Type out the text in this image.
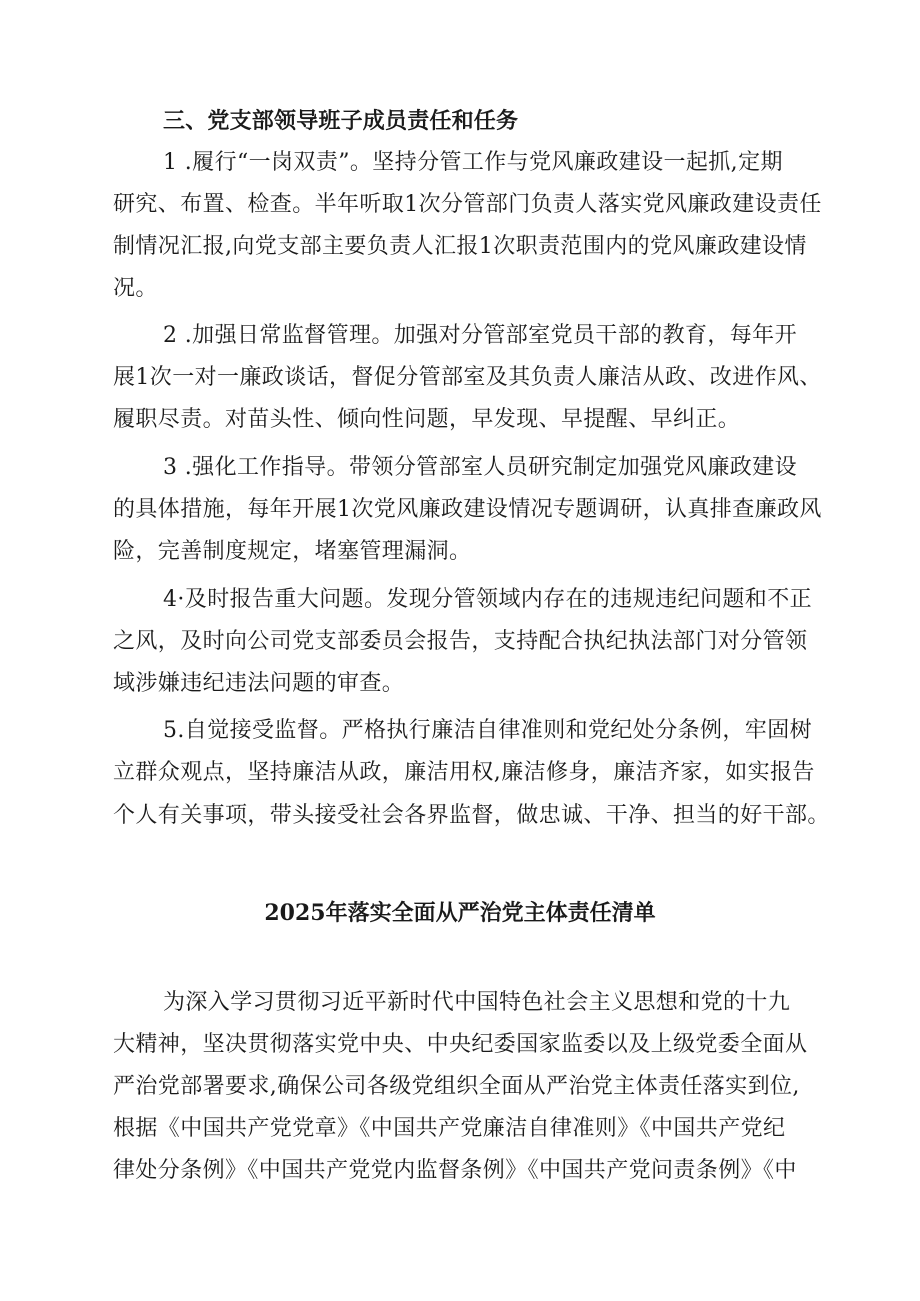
三、党支部领导班子成员责任和任务
1 .履行“一岗双责”。坚持分管工作与党风廉政建设一起抓,定期
研究、布置、检查。半年听取1次分管部门负责人落实党风廉政建设责任
制情况汇报,向党支部主要负责人汇报1次职责范围内的党风廉政建设情
况。
2 .加强日常监督管理。加强对分管部室党员干部的教育，每年开
展1次一对一廉政谈话，督促分管部室及其负责人廉洁从政、改进作风、
履职尽责。对苗头性、倾向性问题，早发现、早提醒、早纠正。
3 .强化工作指导。带领分管部室人员研究制定加强党风廉政建设
的具体措施，每年开展1次党风廉政建设情况专题调研，认真排查廉政风
险，完善制度规定，堵塞管理漏洞。
4·及时报告重大问题。发现分管领域内存在的违规违纪问题和不正
之风，及时向公司党支部委员会报告，支持配合执纪执法部门对分管领
域涉嫌违纪违法问题的审查。
5.自觉接受监督。严格执行廉洁自律准则和党纪处分条例，牢固树
立群众观点，坚持廉洁从政，廉洁用权,廉洁修身，廉洁齐家，如实报告
个人有关事项，带头接受社会各界监督，做忠诚、干净、担当的好干部。
2025年落实全面从严治党主体责任清单
为深入学习贯彻习近平新时代中国特色社会主义思想和党的十九
大精神，坚决贯彻落实党中央、中央纪委国家监委以及上级党委全面从
严治党部署要求,确保公司各级党组织全面从严治党主体责任落实到位,
根据《中国共产党党章》《中国共产党廉洁自律准则》《中国共产党纪
律处分条例》《中国共产党党内监督条例》《中国共产党问责条例》《中
